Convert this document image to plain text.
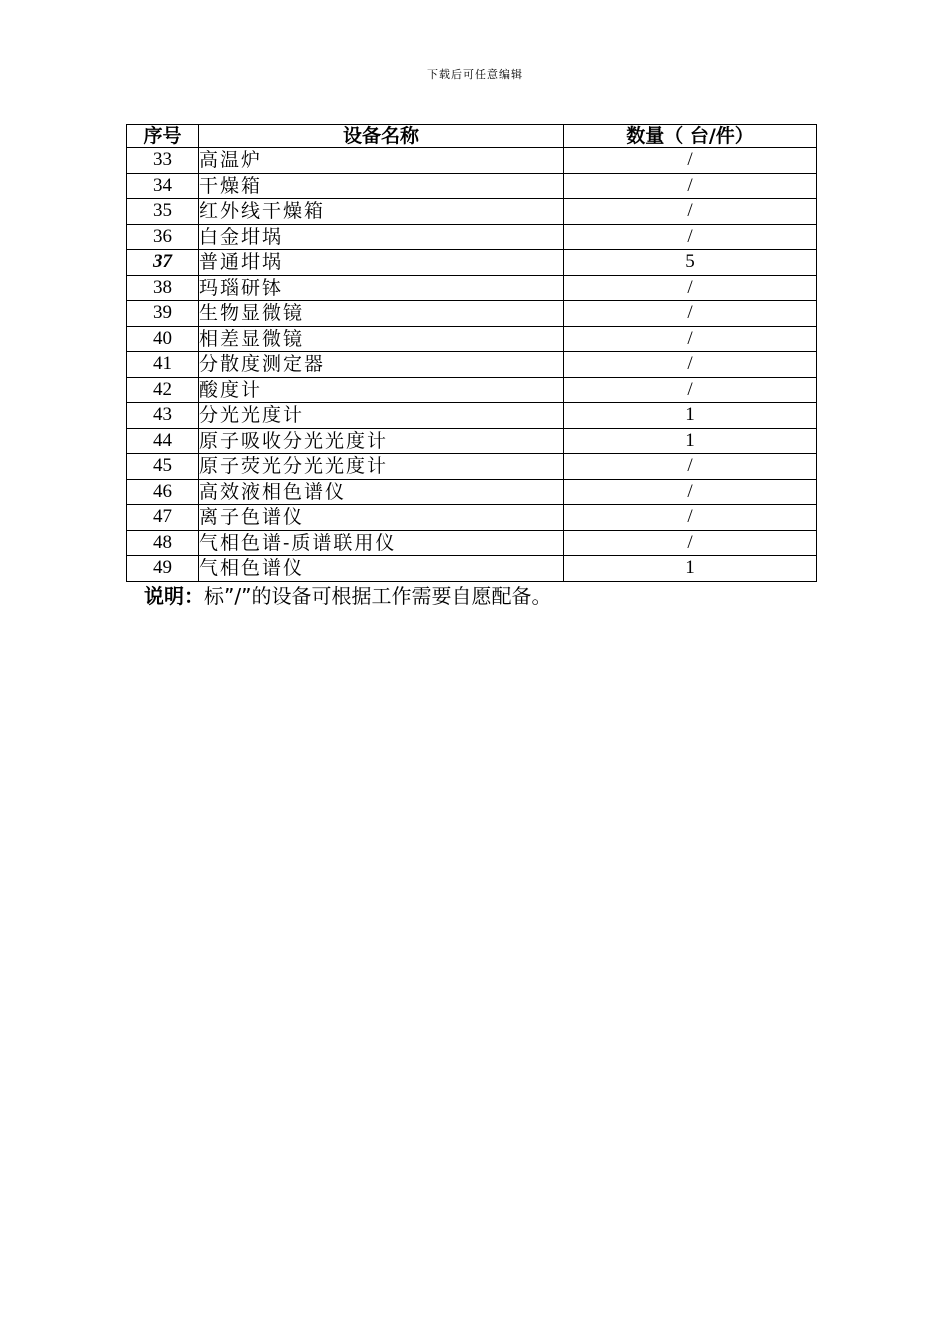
下载后可任意编辑
序号	设备名称	数量（ 台/件）
33	高温炉	/
34	干燥箱	/
35	红外线干燥箱	/
36	白金坩埚	/
37	普通坩埚	5
38	玛瑙研钵	/
39	生物显微镜	/
40	相差显微镜	/
41	分散度测定器	/
42	酸度计	/
43	分光光度计	1
44	原子吸收分光光度计	1
45	原子荧光分光光度计	/
46	高效液相色谱仪	/
47	离子色谱仪	/
48	气相色谱-质谱联用仪	/
49	气相色谱仪	1
说明：标”/”的设备可根据工作需要自愿配备。
